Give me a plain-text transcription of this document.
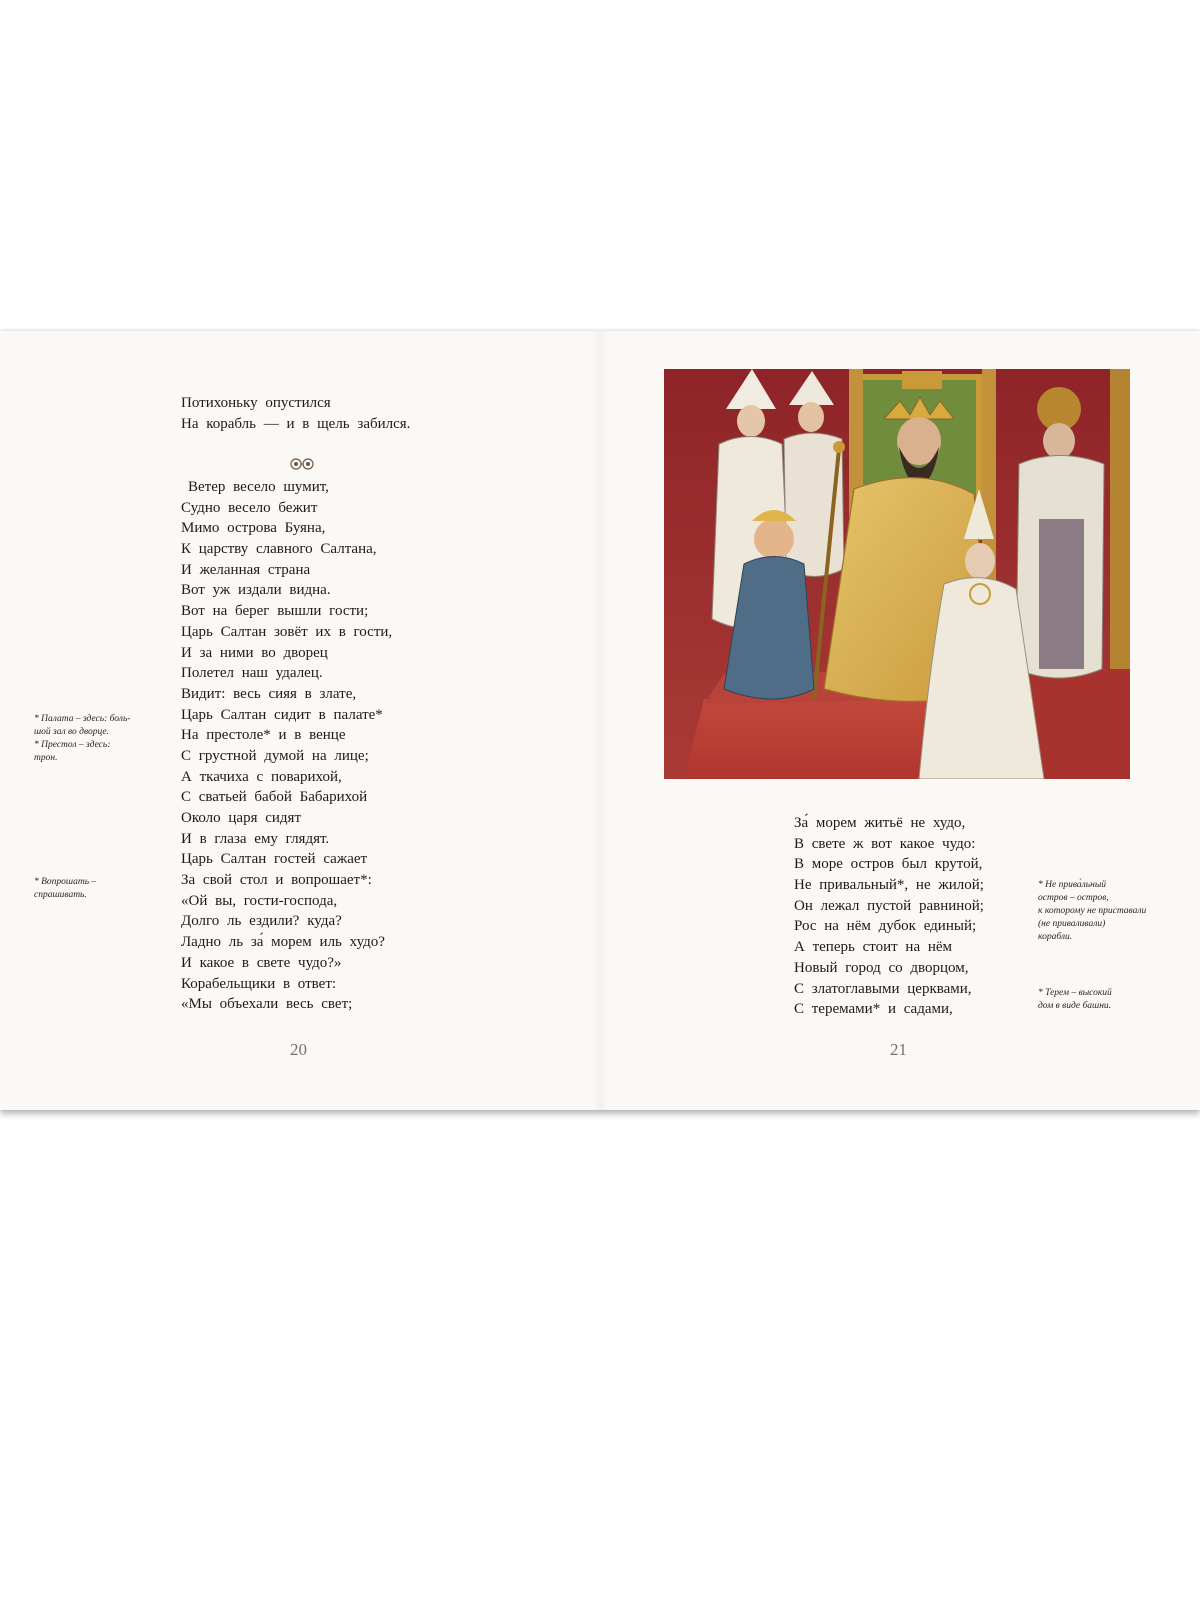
Потихоньку опустился
На корабль — и в щель забился.
Ветер весело шумит,
Судно весело бежит
Мимо острова Буяна,
К царству славного Салтана,
И желанная страна
Вот уж издали видна.
Вот на берег вышли гости;
Царь Салтан зовёт их в гости,
И за ними во дворец
Полетел наш удалец.
Видит: весь сияя в злате,
Царь Салтан сидит в палате*
На престоле* и в венце
С грустной думой на лице;
А ткачиха с поварихой,
С сватьей бабой Бабарихой
Около царя сидят
И в глаза ему глядят.
Царь Салтан гостей сажает
За свой стол и вопрошает*:
«Ой вы, гости-господа,
Долго ль ездили? куда?
Ладно ль за́ морем иль худо?
И какое в свете чудо?»
Корабельщики в ответ:
«Мы объехали весь свет;

* Палата – здесь: боль-

шой зал во дворце.

* Престол – здесь:

трон.

* Вопрошать –

спрашивать.

20
За́ морем житьё не худо,
В свете ж вот какое чудо:
В море остров был крутой,
Не привальный*, не жилой;
Он лежал пустой равниной;
Рос на нём дубок единый;
А теперь стоит на нём
Новый город со дворцом,
С златоглавыми церквами,
С теремами* и садами,

* Не прива́льный

остров – остров,

к которому не приставали

(не приваливали)

корабли.

* Терем – высокий

дом в виде башни.

21
